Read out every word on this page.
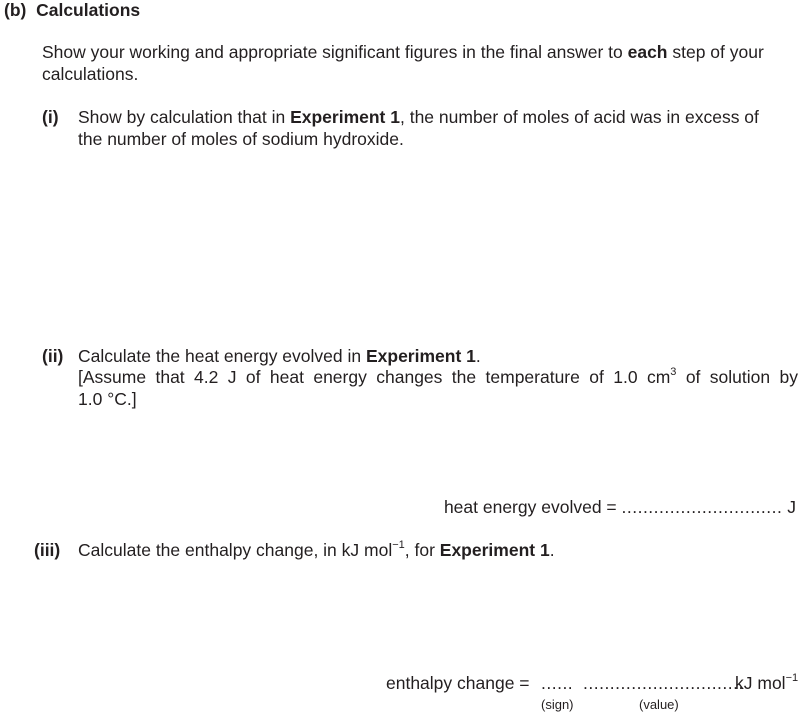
(b) Calculations
Show your working and appropriate significant figures in the final answer to each step of your
calculations.
(i) Show by calculation that in Experiment 1, the number of moles of acid was in excess of
the number of moles of sodium hydroxide.
(ii) Calculate the heat energy evolved in Experiment 1.
[Assume that 4.2 J of heat energy changes the temperature of 1.0 $cm^3$ of solution by
1.0 °C.]
heat energy evolved = .............................. J
(iii) Calculate the enthalpy change, in kJ mol$^{-1}$, for Experiment 1.
enthalpy change = ...... ..............................
kJ mol$^{-1}$
(sign)	(value)
